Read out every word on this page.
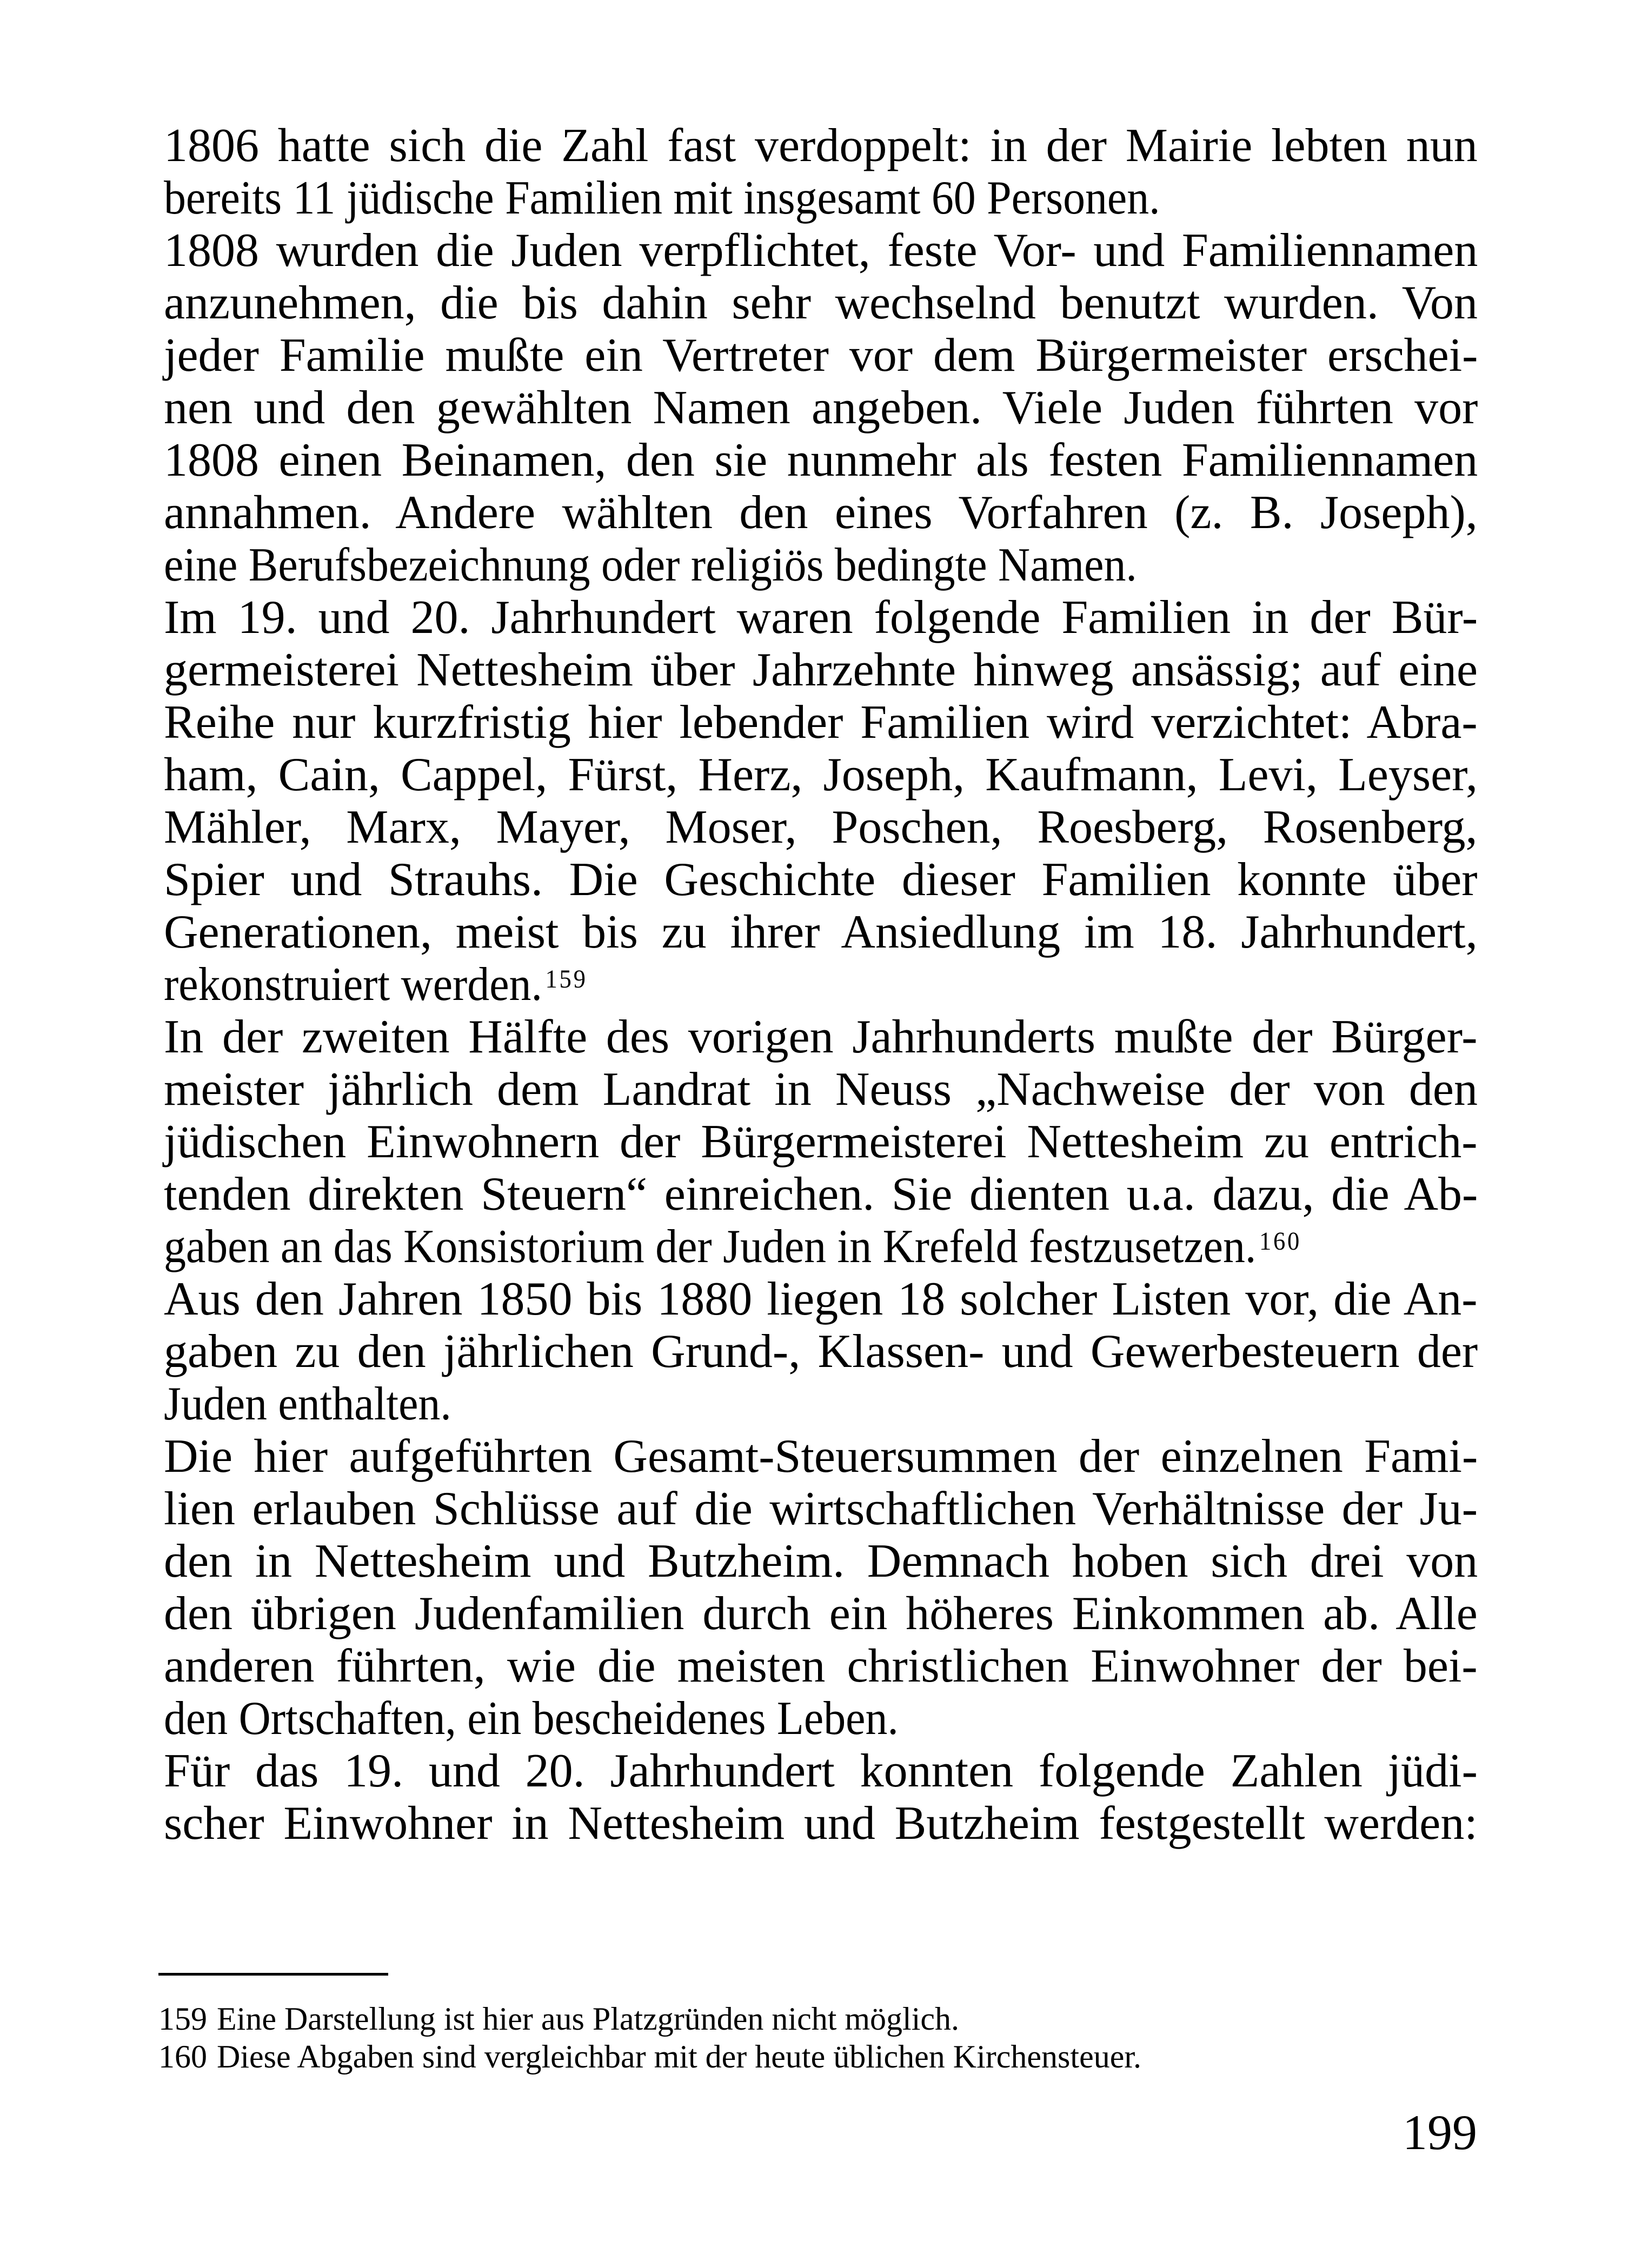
1806 hatte sich die Zahl fast verdoppelt: in der Mairie lebten nun
bereits 11 jüdische Familien mit insgesamt 60 Personen.
1808 wurden die Juden verpflichtet, feste Vor- und Familiennamen
anzunehmen, die bis dahin sehr wechselnd benutzt wurden. Von
jeder Familie mußte ein Vertreter vor dem Bürgermeister erschei-
nen und den gewählten Namen angeben. Viele Juden führten vor
1808 einen Beinamen, den sie nunmehr als festen Familiennamen
annahmen. Andere wählten den eines Vorfahren (z. B. Joseph),
eine Berufsbezeichnung oder religiös bedingte Namen.
Im 19. und 20. Jahrhundert waren folgende Familien in der Bür-
germeisterei Nettesheim über Jahrzehnte hinweg ansässig; auf eine
Reihe nur kurzfristig hier lebender Familien wird verzichtet: Abra-
ham, Cain, Cappel, Fürst, Herz, Joseph, Kaufmann, Levi, Leyser,
Mähler, Marx, Mayer, Moser, Poschen, Roesberg, Rosenberg,
Spier und Strauhs. Die Geschichte dieser Familien konnte über
Generationen, meist bis zu ihrer Ansiedlung im 18. Jahrhundert,
rekonstruiert werden. $^{159}$
In der zweiten Hälfte des vorigen Jahrhunderts mußte der Bürger-
meister jährlich dem Landrat in Neuss „Nachweise der von den
jüdischen Einwohnern der Bürgermeisterei Nettesheim zu entrich-
tenden direkten Steuern“ einreichen. Sie dienten u.a. dazu, die Ab-
gaben an das Konsistorium der Juden in Krefeld festzusetzen. $^{160}$
Aus den Jahren 1850 bis 1880 liegen 18 solcher Listen vor, die An-
gaben zu den jährlichen Grund-, Klassen- und Gewerbesteuern der
Juden enthalten.
Die hier aufgeführten Gesamt-Steuersummen der einzelnen Fami-
lien erlauben Schlüsse auf die wirtschaftlichen Verhältnisse der Ju-
den in Nettesheim und Butzheim. Demnach hoben sich drei von
den übrigen Judenfamilien durch ein höheres Einkommen ab. Alle
anderen führten, wie die meisten christlichen Einwohner der bei-
den Ortschaften, ein bescheidenes Leben.
Für das 19. und 20. Jahrhundert konnten folgende Zahlen jüdi-
scher Einwohner in Nettesheim und Butzheim festgestellt werden:
159 Eine Darstellung ist hier aus Platzgründen nicht möglich.
160 Diese Abgaben sind vergleichbar mit der heute üblichen Kirchensteuer.
199
